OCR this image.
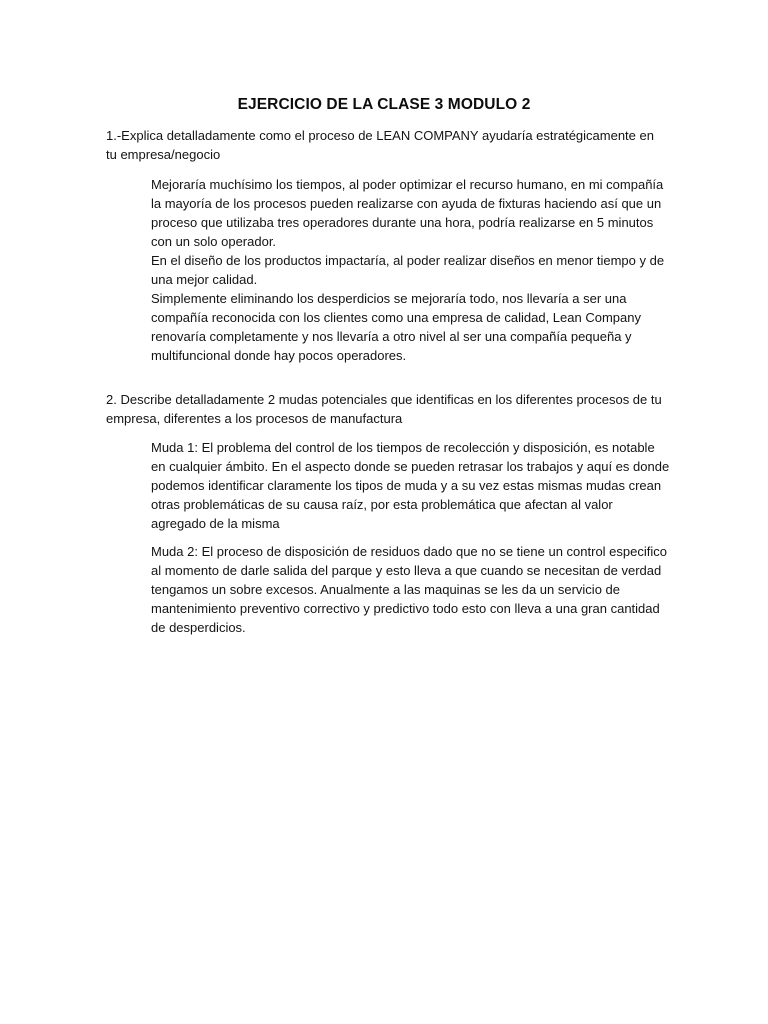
EJERCICIO DE LA CLASE 3 MODULO 2
1.-Explica detalladamente como el proceso de LEAN COMPANY ayudaría estratégicamente en tu empresa/negocio

Mejoraría muchísimo los tiempos, al poder optimizar el recurso humano, en mi compañía la mayoría de los procesos pueden realizarse con ayuda de fixturas haciendo así que un proceso que utilizaba tres operadores durante una hora, podría realizarse en 5 minutos con un solo operador.

En el diseño de los productos impactaría, al poder realizar diseños en menor tiempo y de una mejor calidad.

Simplemente eliminando los desperdicios se mejoraría todo, nos llevaría a ser una compañía reconocida con los clientes como una empresa de calidad, Lean Company renovaría completamente y nos llevaría a otro nivel al ser una compañía pequeña y multifuncional donde hay pocos operadores.

2. Describe detalladamente 2 mudas potenciales que identificas en los diferentes procesos de tu empresa, diferentes a los procesos de manufactura
Muda 1: El problema del control de los tiempos de recolección y disposición, es notable en cualquier ámbito. En el aspecto donde se pueden retrasar los trabajos y aquí es donde podemos identificar claramente los tipos de muda y a su vez estas mismas mudas crean otras problemáticas de su causa raíz, por esta problemática que afectan al valor agregado de la misma
Muda 2: El proceso de disposición de residuos dado que no se tiene un control especifico al momento de darle salida del parque y esto lleva a que cuando se necesitan de verdad tengamos un sobre excesos. Anualmente a las maquinas se les da un servicio de mantenimiento preventivo correctivo y predictivo todo esto con lleva a una gran cantidad de desperdicios.
